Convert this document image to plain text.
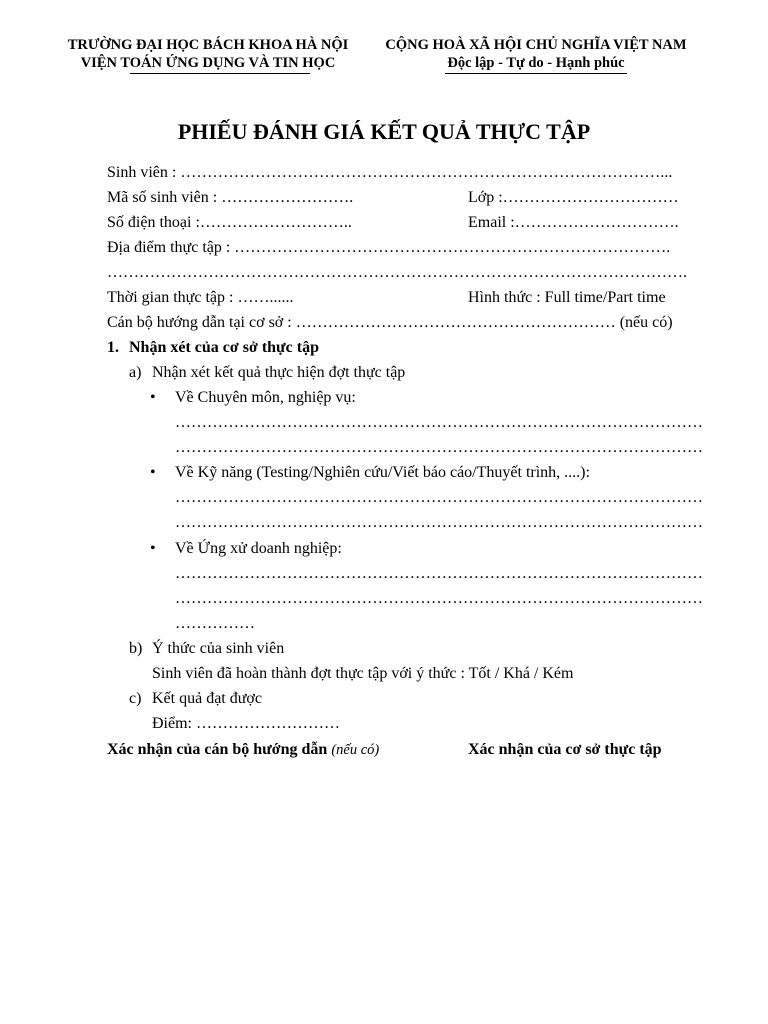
TRƯỜNG ĐẠI HỌC BÁCH KHOA HÀ NỘI
VIỆN TOÁN ỨNG DỤNG VÀ TIN HỌC
CỘNG HOÀ XÃ HỘI CHỦ NGHĨA VIỆT NAM
Độc lập - Tự do - Hạnh phúc
PHIẾU ĐÁNH GIÁ KẾT QUẢ THỰC TẬP
Sinh viên : ………………………………………………………………………………...
Mã số sinh viên : …………………….	Lớp :……………………………
Số điện thoại :………………………..	Email :………………………….
Địa điểm thực tập : ……………………………………………………………………….
……………………………………………………………………………………………….
Thời gian thực tập : ……......	Hình thức : Full time/Part time
Cán bộ hướng dẫn tại cơ sở : …………………………………………………… (nếu có)
1. Nhận xét của cơ sở thực tập
a) Nhận xét kết quả thực hiện đợt thực tập
• Về Chuyên môn, nghiệp vụ:
………………………………………………………………………………………
………………………………………………………………………………………
• Về Kỹ năng (Testing/Nghiên cứu/Viết báo cáo/Thuyết trình, ....):
………………………………………………………………………………………
………………………………………………………………………………………
• Về Ứng xử doanh nghiệp:
………………………………………………………………………………………
………………………………………………………………………………………
……………
b) Ý thức của sinh viên
Sinh viên đã hoàn thành đợt thực tập với ý thức : Tốt / Khá / Kém
c) Kết quả đạt được
Điểm: ………………………
Xác nhận của cán bộ hướng dẫn (nếu có)	Xác nhận của cơ sở thực tập
